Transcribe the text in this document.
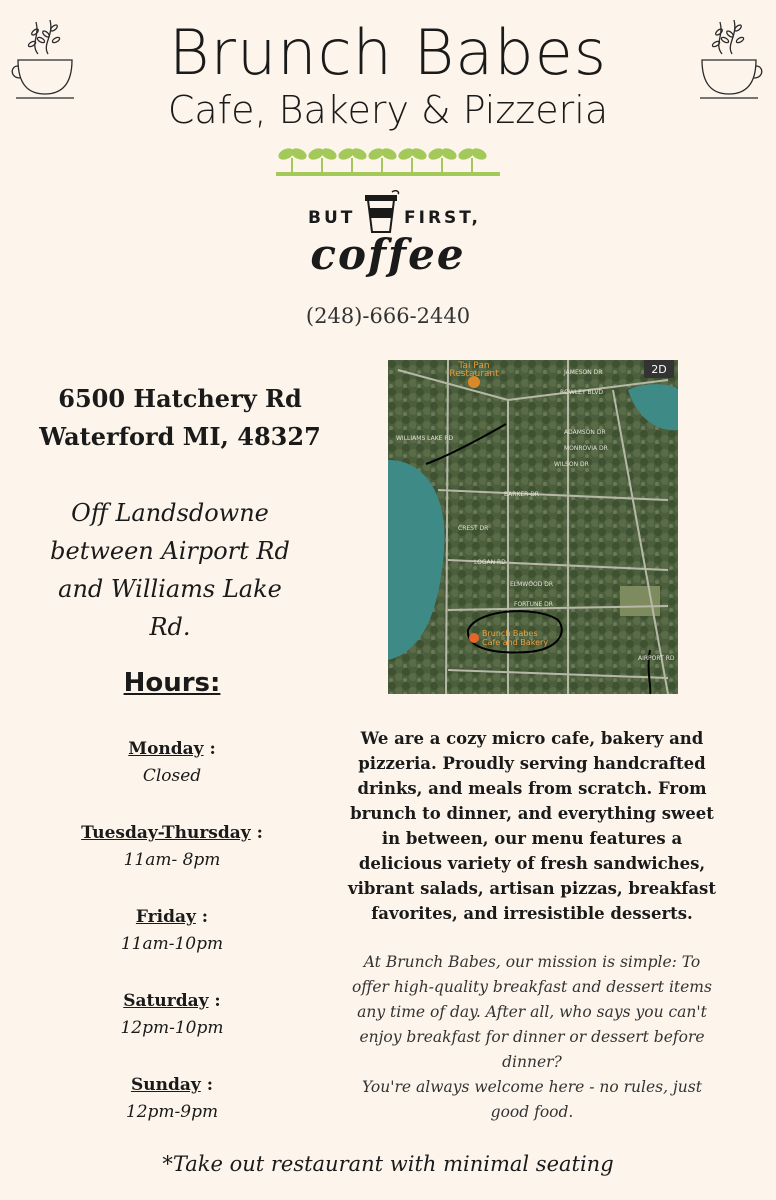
Brunch Babes
Cafe, Bakery & Pizzeria
BUT	FIRST,
coffee
(248)-666-2440
6500 Hatchery Rd
Waterford MI, 48327
Off Landsdowne
between Airport Rd
and Williams Lake
Rd.
2D
Tai Pan
Restaurant	JAMESON DR
ROWLEY BLVD
WILLIAMS LAKE RD
ADAMSON DR
MONROVIA DR
WILSON DR
BARKER DR
CREST DR
LOGAN RD
ELMWOOD DR
FORTUNE DR
AIRPORT RD
Brunch Babes
Cafe and Bakery
Hours:
Monday :
Closed
Tuesday-Thursday :
11am- 8pm
Friday :
11am-10pm
Saturday :
12pm-10pm
Sunday :
12pm-9pm
We are a cozy micro cafe, bakery and pizzeria. Proudly serving handcrafted drinks, and meals from scratch. From brunch to dinner, and everything sweet in between, our menu features a delicious variety of fresh sandwiches, vibrant salads, artisan pizzas, breakfast favorites, and irresistible desserts.
At Brunch Babes, our mission is simple: To offer high-quality breakfast and dessert items any time of day. After all, who says you can't enjoy breakfast for dinner or dessert before dinner?
You're always welcome here - no rules, just good food.
*Take out restaurant with minimal seating
